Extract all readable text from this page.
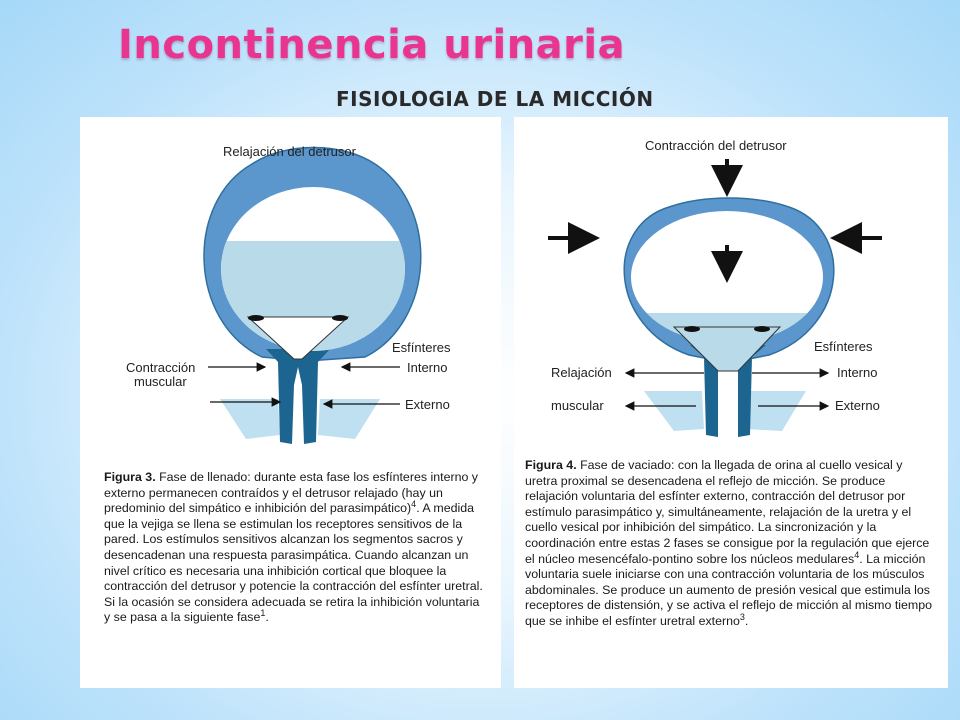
Incontinencia urinaria
FISIOLOGIA DE LA MICCIÓN
Relajación del detrusor
Esfínteres
Contracción
muscular
Interno
Externo

Figura 3. Fase de llenado: durante esta fase los esfínteres interno y externo permanecen contraídos y el detrusor relajado (hay un predominio del simpático e inhibición del parasimpático)$^4$. A medida que la vejiga se llena se estimulan los receptores sensitivos de la pared. Los estímulos sensitivos alcanzan los segmentos sacros y desencadenan una respuesta parasimpática. Cuando alcanzan un nivel crítico es necesaria una inhibición cortical que bloquee la contracción del detrusor y potencie la contracción del esfínter uretral. Si la ocasión se considera adecuada se retira la inhibición voluntaria y se pasa a la siguiente fase$^1$.

Contracción del detrusor
Esfínteres
Relajación
muscular
Interno
Externo

Figura 4. Fase de vaciado: con la llegada de orina al cuello vesical y uretra proximal se desencadena el reflejo de micción. Se produce relajación voluntaria del esfínter externo, contracción del detrusor por estímulo parasimpático y, simultáneamente, relajación de la uretra y el cuello vesical por inhibición del simpático. La sincronización y la coordinación entre estas 2 fases se consigue por la regulación que ejerce el núcleo mesencéfalo-pontino sobre los núcleos medulares$^4$. La micción voluntaria suele iniciarse con una contracción voluntaria de los músculos abdominales. Se produce un aumento de presión vesical que estimula los receptores de distensión, y se activa el reflejo de micción al mismo tiempo que se inhibe el esfínter uretral externo$^3$.
